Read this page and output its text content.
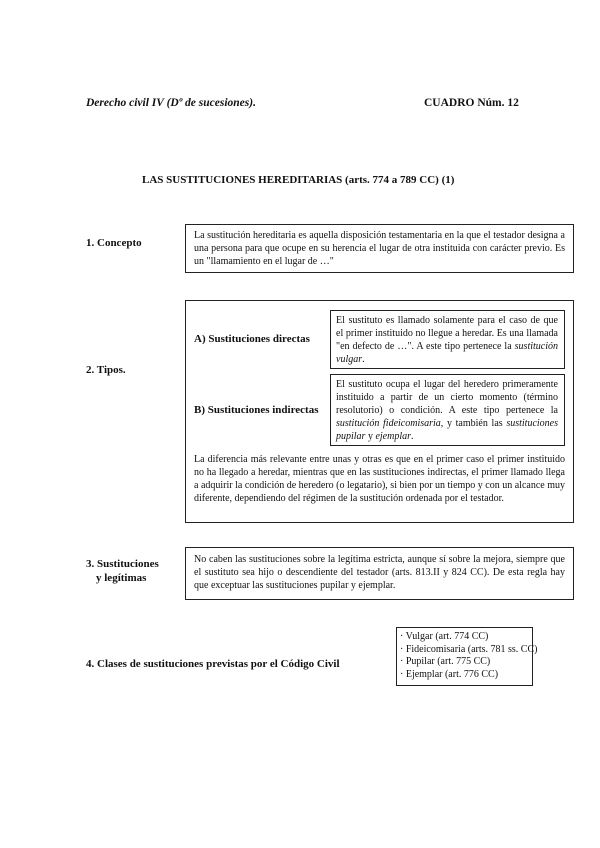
Derecho civil IV (Dº de sucesiones).	CUADRO Núm. 12
LAS SUSTITUCIONES HEREDITARIAS (arts. 774 a 789 CC) (1)
1. Concepto
La sustitución hereditaria es aquella disposición testamentaria en la que el testador designa a una persona para que ocupe en su herencia el lugar de otra instituida con carácter previo. Es un "llamamiento en el lugar de …"
2. Tipos.
A) Sustituciones directas
El sustituto es llamado solamente para el caso de que el primer instituido no llegue a heredar. Es una llamada "en defecto de …". A este tipo pertenece la sustitución vulgar.
B) Sustituciones indirectas
El sustituto ocupa el lugar del heredero primeramente instituido a partir de un cierto momento (término resolutorio) o condición. A este tipo pertenece la sustitución fideicomisaria, y también las sustituciones pupilar y ejemplar.
La diferencia más relevante entre unas y otras es que en el primer caso el primer instituido no ha llegado a heredar, mientras que en las sustituciones indirectas, el primer llamado llega a adquirir la condición de heredero (o legatario), si bien por un tiempo y con un alcance muy diferente, dependiendo del régimen de la sustitución ordenada por el testador.
3. Sustituciones
y legítimas
No caben las sustituciones sobre la legítima estricta, aunque sí sobre la mejora, siempre que el sustituto sea hijo o descendiente del testador (arts. 813.II y 824 CC). De esta regla hay que exceptuar las sustituciones pupilar y ejemplar.
4. Clases de sustituciones previstas por el Código Civil
· Vulgar (art. 774 CC)
· Fideicomisaria (arts. 781 ss. CC)
· Pupilar (art. 775 CC)
· Ejemplar (art. 776 CC)
